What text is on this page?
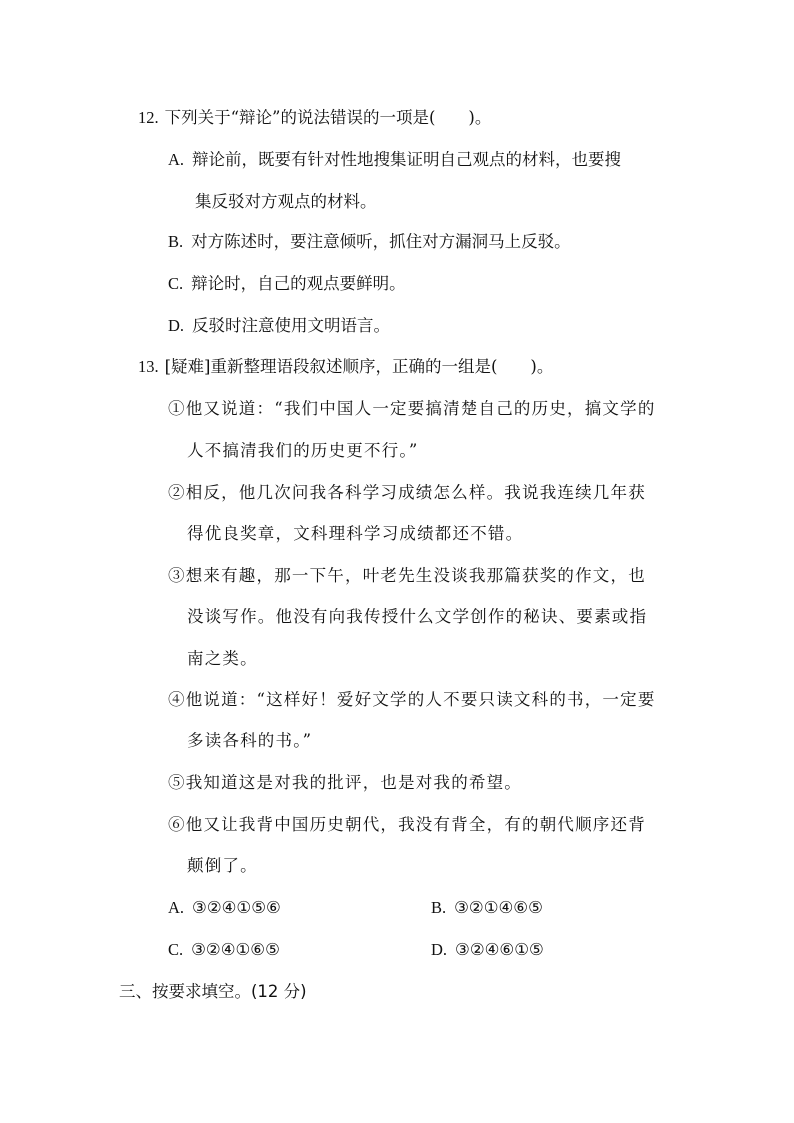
12. 下列关于“辩论”的说法错误的一项是(　　)。
A. 辩论前，既要有针对性地搜集证明自己观点的材料，也要搜
集反驳对方观点的材料。
B. 对方陈述时，要注意倾听，抓住对方漏洞马上反驳。
C. 辩论时，自己的观点要鲜明。
D. 反驳时注意使用文明语言。
13. [疑难]重新整理语段叙述顺序，正确的一组是(　　)。
①他又说道：“我们中国人一定要搞清楚自己的历史，搞文学的
人不搞清我们的历史更不行。”
②相反，他几次问我各科学习成绩怎么样。我说我连续几年获
得优良奖章，文科理科学习成绩都还不错。
③想来有趣，那一下午，叶老先生没谈我那篇获奖的作文，也
没谈写作。他没有向我传授什么文学创作的秘诀、要素或指
南之类。
④他说道：“这样好！爱好文学的人不要只读文科的书，一定要
多读各科的书。”
⑤我知道这是对我的批评，也是对我的希望。
⑥他又让我背中国历史朝代，我没有背全，有的朝代顺序还背
颠倒了。
A. ③②④①⑤⑥	B. ③②①④⑥⑤
C. ③②④①⑥⑤	D. ③②④⑥①⑤
三、按要求填空。(12 分)
